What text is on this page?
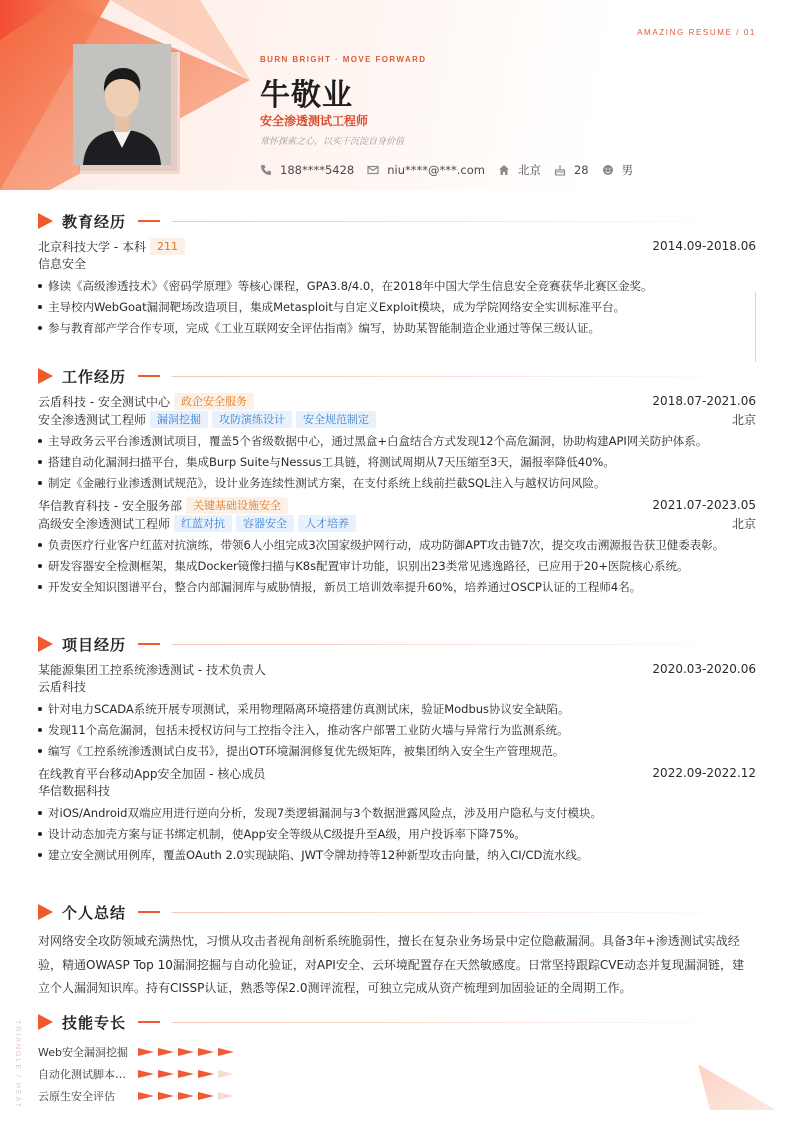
AMAZING RESUME / 01
BURN BRIGHT · MOVE FORWARD
牛敬业
安全渗透测试工程师
常怀探索之心，以实干沉淀自身价值
188****5428	niu****@***.com	北京	28	男
教育经历
北京科技大学 - 本科	211	2014.09-2018.06
信息安全
修读《高级渗透技术》《密码学原理》等核心课程，GPA3.8/4.0，在2018年中国大学生信息安全竞赛获华北赛区金奖。
主导校内WebGoat漏洞靶场改造项目，集成Metasploit与自定义Exploit模块，成为学院网络安全实训标准平台。
参与教育部产学合作专项，完成《工业互联网安全评估指南》编写，协助某智能制造企业通过等保三级认证。
工作经历
云盾科技 - 安全测试中心	政企安全服务	2018.07-2021.06
安全渗透测试工程师	漏洞挖掘	攻防演练设计	安全规范制定	北京
主导政务云平台渗透测试项目，覆盖5个省级数据中心，通过黑盒+白盒结合方式发现12个高危漏洞，协助构建API网关防护体系。
搭建自动化漏洞扫描平台，集成Burp Suite与Nessus工具链，将测试周期从7天压缩至3天，漏报率降低40%。
制定《金融行业渗透测试规范》，设计业务连续性测试方案，在支付系统上线前拦截SQL注入与越权访问风险。
华信教育科技 - 安全服务部	关键基础设施安全	2021.07-2023.05
高级安全渗透测试工程师	红蓝对抗	容器安全	人才培养	北京
负责医疗行业客户红蓝对抗演练，带领6人小组完成3次国家级护网行动，成功防御APT攻击链7次，提交攻击溯源报告获卫健委表彰。
研发容器安全检测框架，集成Docker镜像扫描与K8s配置审计功能，识别出23类常见逃逸路径，已应用于20+医院核心系统。
开发安全知识图谱平台，整合内部漏洞库与威胁情报，新员工培训效率提升60%，培养通过OSCP认证的工程师4名。
项目经历
某能源集团工控系统渗透测试 - 技术负责人	2020.03-2020.06
云盾科技
针对电力SCADA系统开展专项测试，采用物理隔离环境搭建仿真测试床，验证Modbus协议安全缺陷。
发现11个高危漏洞，包括未授权访问与工控指令注入，推动客户部署工业防火墙与异常行为监测系统。
编写《工控系统渗透测试白皮书》，提出OT环境漏洞修复优先级矩阵，被集团纳入安全生产管理规范。
在线教育平台移动App安全加固 - 核心成员	2022.09-2022.12
华信数据科技
对iOS/Android双端应用进行逆向分析，发现7类逻辑漏洞与3个数据泄露风险点，涉及用户隐私与支付模块。
设计动态加壳方案与证书绑定机制，使App安全等级从C级提升至A级，用户投诉率下降75%。
建立安全测试用例库，覆盖OAuth 2.0实现缺陷、JWT令牌劫持等12种新型攻击向量，纳入CI/CD流水线。
个人总结

对网络安全攻防领域充满热忱，习惯从攻击者视角剖析系统脆弱性，擅长在复杂业务场景中定位隐蔽漏洞。具备3年+渗透测试实战经验，精通OWASP Top 10漏洞挖掘与自动化验证，对API安全、云环境配置存在天然敏感度。日常坚持跟踪CVE动态并复现漏洞链，建立个人漏洞知识库。持有CISSP认证，熟悉等保2.0测评流程，可独立完成从资产梳理到加固验证的全周期工作。

技能专长
Web安全漏洞挖掘
自动化测试脚本…
云原生安全评估
TRIANGLE / HEAT
